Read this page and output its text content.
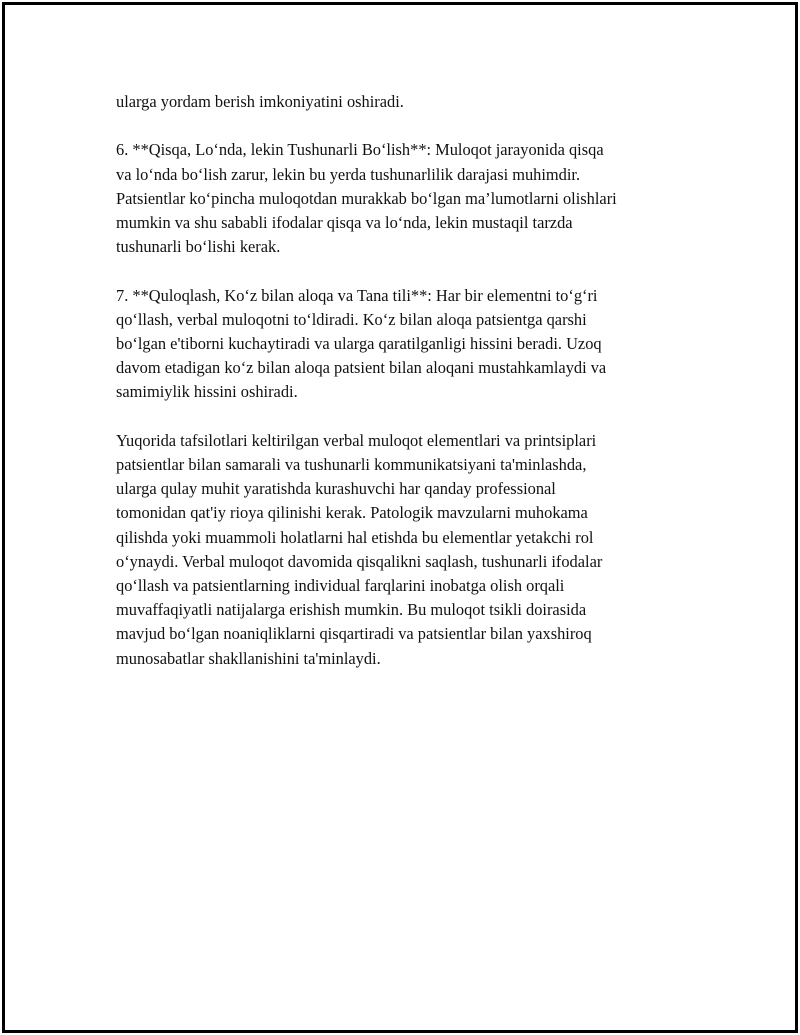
ularga yordam berish imkoniyatini oshiradi.

6. **Qisqa, Lo‘nda, lekin Tushunarli Bo‘lish**: Muloqot jarayonida qisqa
va lo‘nda bo‘lish zarur, lekin bu yerda tushunarlilik darajasi muhimdir.
Patsientlar ko‘pincha muloqotdan murakkab bo‘lgan ma’lumotlarni olishlari
mumkin va shu sababli ifodalar qisqa va lo‘nda, lekin mustaqil tarzda
tushunarli bo‘lishi kerak.

7. **Quloqlash, Ko‘z bilan aloqa va Tana tili**: Har bir elementni to‘g‘ri
qo‘llash, verbal muloqotni to‘ldiradi. Ko‘z bilan aloqa patsientga qarshi
bo‘lgan e'tiborni kuchaytiradi va ularga qaratilganligi hissini beradi. Uzoq
davom etadigan ko‘z bilan aloqa patsient bilan aloqani mustahkamlaydi va
samimiylik hissini oshiradi.

Yuqorida tafsilotlari keltirilgan verbal muloqot elementlari va printsiplari
patsientlar bilan samarali va tushunarli kommunikatsiyani ta'minlashda,
ularga qulay muhit yaratishda kurashuvchi har qanday professional
tomonidan qat'iy rioya qilinishi kerak. Patologik mavzularni muhokama
qilishda yoki muammoli holatlarni hal etishda bu elementlar yetakchi rol
o‘ynaydi. Verbal muloqot davomida qisqalikni saqlash, tushunarli ifodalar
qo‘llash va patsientlarning individual farqlarini inobatga olish orqali
muvaffaqiyatli natijalarga erishish mumkin. Bu muloqot tsikli doirasida
mavjud bo‘lgan noaniqliklarni qisqartiradi va patsientlar bilan yaxshiroq
munosabatlar shakllanishini ta'minlaydi.
